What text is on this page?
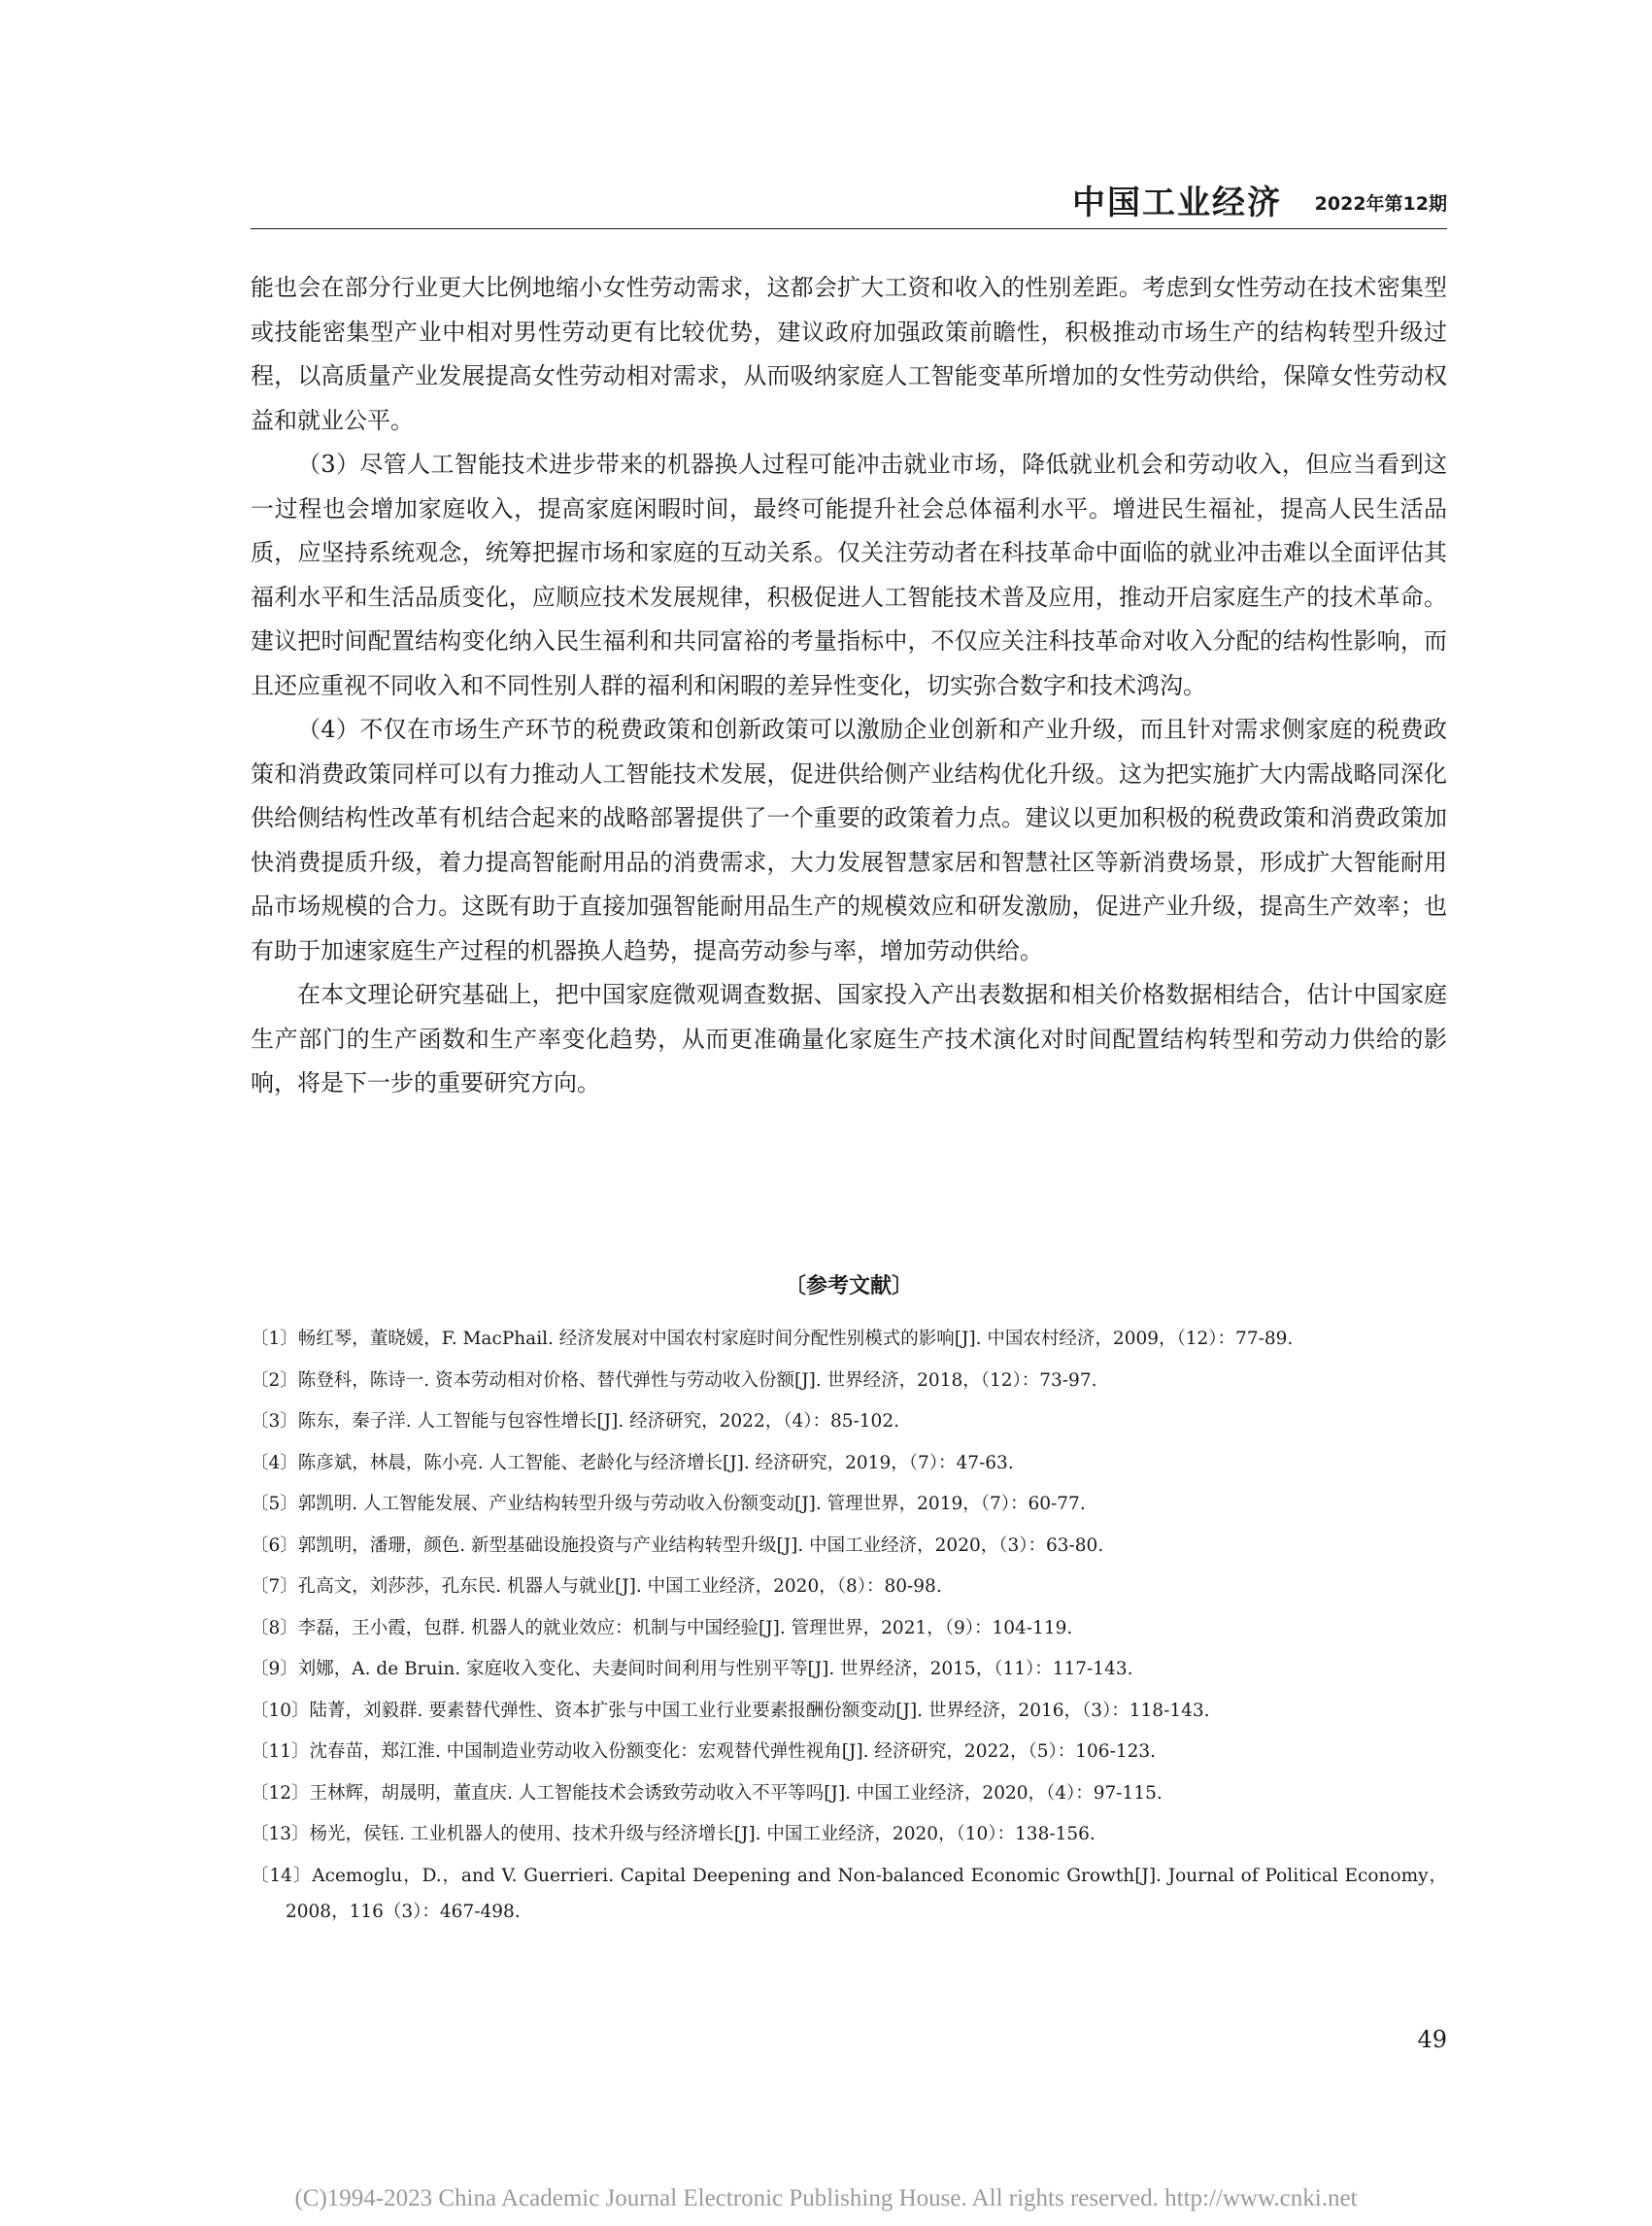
中国工业经济 2022年第12期

能也会在部分行业更大比例地缩小女性劳动需求，这都会扩大工资和收入的性别差距。考虑到女性劳动在技术密集型或技能密集型产业中相对男性劳动更有比较优势，建议政府加强政策前瞻性，积极推动市场生产的结构转型升级过程，以高质量产业发展提高女性劳动相对需求，从而吸纳家庭人工智能变革所增加的女性劳动供给，保障女性劳动权益和就业公平。

（3）尽管人工智能技术进步带来的机器换人过程可能冲击就业市场，降低就业机会和劳动收入，但应当看到这一过程也会增加家庭收入，提高家庭闲暇时间，最终可能提升社会总体福利水平。增进民生福祉，提高人民生活品质，应坚持系统观念，统筹把握市场和家庭的互动关系。仅关注劳动者在科技革命中面临的就业冲击难以全面评估其福利水平和生活品质变化，应顺应技术发展规律，积极促进人工智能技术普及应用，推动开启家庭生产的技术革命。建议把时间配置结构变化纳入民生福利和共同富裕的考量指标中，不仅应关注科技革命对收入分配的结构性影响，而且还应重视不同收入和不同性别人群的福利和闲暇的差异性变化，切实弥合数字和技术鸿沟。

（4）不仅在市场生产环节的税费政策和创新政策可以激励企业创新和产业升级，而且针对需求侧家庭的税费政策和消费政策同样可以有力推动人工智能技术发展，促进供给侧产业结构优化升级。这为把实施扩大内需战略同深化供给侧结构性改革有机结合起来的战略部署提供了一个重要的政策着力点。建议以更加积极的税费政策和消费政策加快消费提质升级，着力提高智能耐用品的消费需求，大力发展智慧家居和智慧社区等新消费场景，形成扩大智能耐用品市场规模的合力。这既有助于直接加强智能耐用品生产的规模效应和研发激励，促进产业升级，提高生产效率；也有助于加速家庭生产过程的机器换人趋势，提高劳动参与率，增加劳动供给。

在本文理论研究基础上，把中国家庭微观调查数据、国家投入产出表数据和相关价格数据相结合，估计中国家庭生产部门的生产函数和生产率变化趋势，从而更准确量化家庭生产技术演化对时间配置结构转型和劳动力供给的影响，将是下一步的重要研究方向。

〔参考文献〕
〔1〕畅红琴，董晓媛，F. MacPhail. 经济发展对中国农村家庭时间分配性别模式的影响[J]. 中国农村经济，2009，（12）：77-89.
〔2〕陈登科，陈诗一. 资本劳动相对价格、替代弹性与劳动收入份额[J]. 世界经济，2018，（12）：73-97.
〔3〕陈东，秦子洋. 人工智能与包容性增长[J]. 经济研究，2022，（4）：85-102.
〔4〕陈彦斌，林晨，陈小亮. 人工智能、老龄化与经济增长[J]. 经济研究，2019，（7）：47-63.
〔5〕郭凯明. 人工智能发展、产业结构转型升级与劳动收入份额变动[J]. 管理世界，2019，（7）：60-77.
〔6〕郭凯明，潘珊，颜色. 新型基础设施投资与产业结构转型升级[J]. 中国工业经济，2020，（3）：63-80.
〔7〕孔高文，刘莎莎，孔东民. 机器人与就业[J]. 中国工业经济，2020，（8）：80-98.
〔8〕李磊，王小霞，包群. 机器人的就业效应：机制与中国经验[J]. 管理世界，2021，（9）：104-119.
〔9〕刘娜，A. de Bruin. 家庭收入变化、夫妻间时间利用与性别平等[J]. 世界经济，2015，（11）：117-143.
〔10〕陆菁，刘毅群. 要素替代弹性、资本扩张与中国工业行业要素报酬份额变动[J]. 世界经济，2016，（3）：118-143.
〔11〕沈春苗，郑江淮. 中国制造业劳动收入份额变化：宏观替代弹性视角[J]. 经济研究，2022，（5）：106-123.
〔12〕王林辉，胡晟明，董直庆. 人工智能技术会诱致劳动收入不平等吗[J]. 中国工业经济，2020，（4）：97-115.
〔13〕杨光，侯钰. 工业机器人的使用、技术升级与经济增长[J]. 中国工业经济，2020，（10）：138-156.
〔14〕Acemoglu，D.，and V. Guerrieri. Capital Deepening and Non-balanced Economic Growth[J]. Journal of Political Economy，2008，116（3）：467-498.
49
(C)1994-2023 China Academic Journal Electronic Publishing House. All rights reserved. http://www.cnki.net
